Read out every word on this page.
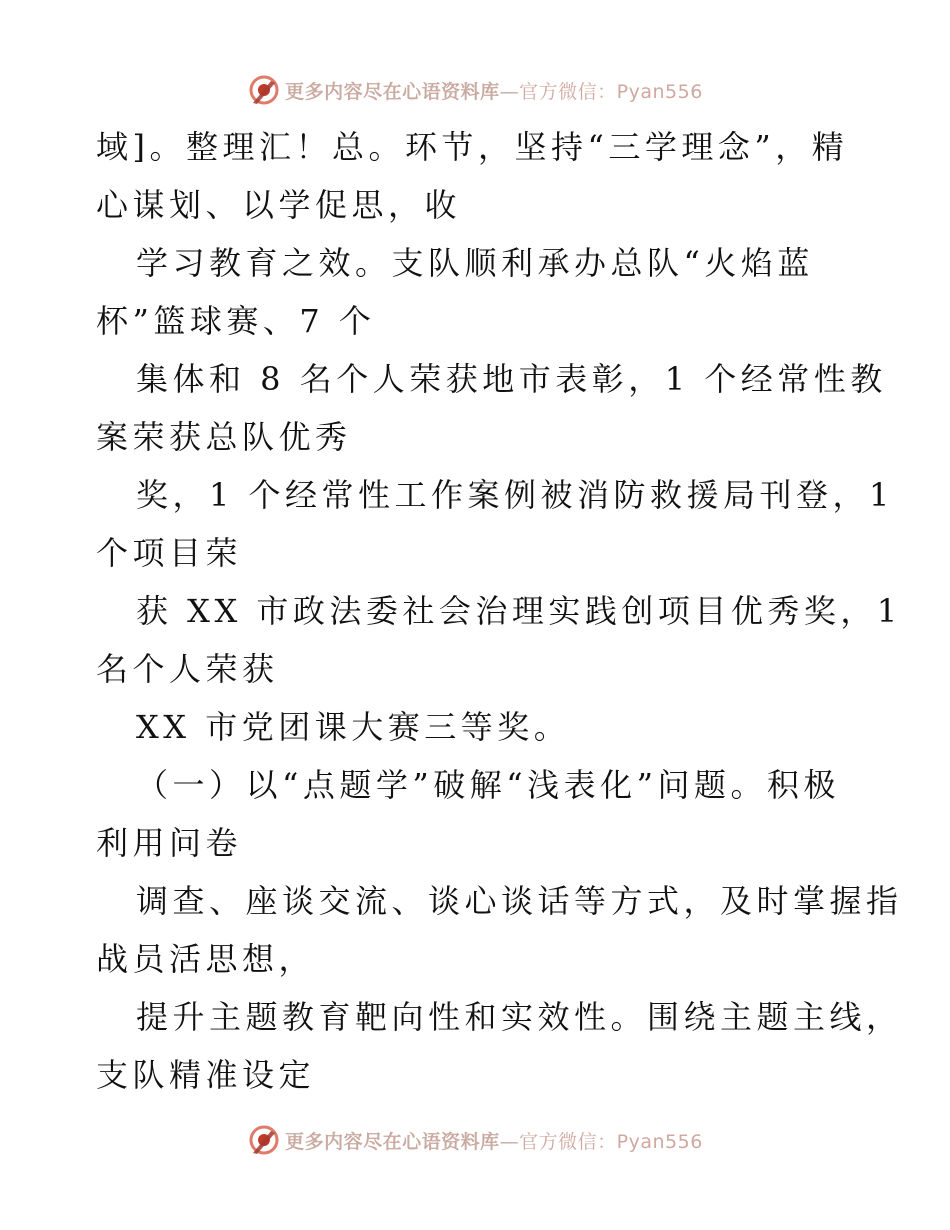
更多内容尽在心语资料库—官方微信：Pyan556
域]。整理汇！总。环节，坚持“三学理念”，精
心谋划、以学促思，收
学习教育之效。支队顺利承办总队“火焰蓝
杯”篮球赛、7 个
集体和 8 名个人荣获地市表彰，1 个经常性教
案荣获总队优秀
奖，1 个经常性工作案例被消防救援局刊登，1
个项目荣
获 XX 市政法委社会治理实践创项目优秀奖，1
名个人荣获
XX 市党团课大赛三等奖。
（一）以“点题学”破解“浅表化”问题。积极
利用问卷
调查、座谈交流、谈心谈话等方式，及时掌握指
战员活思想，
提升主题教育靶向性和实效性。围绕主题主线，
支队精准设定
更多内容尽在心语资料库—官方微信：Pyan556
